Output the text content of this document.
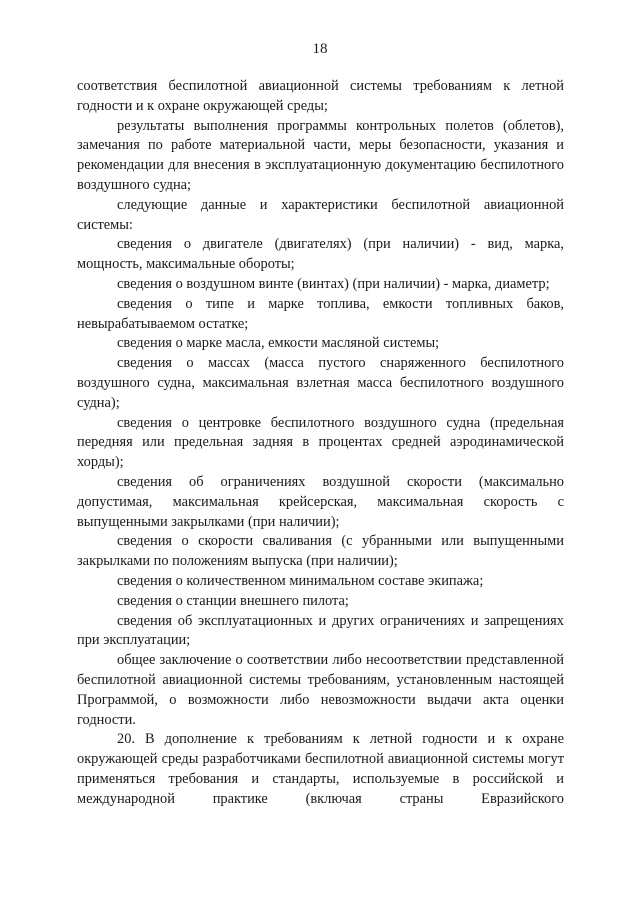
18

соответствия беспилотной авиационной системы требованиям к летной годности и к охране окружающей среды;

результаты выполнения программы контрольных полетов (облетов), замечания по работе материальной части, меры безопасности, указания и рекомендации для внесения в эксплуатационную документацию беспилотного воздушного судна;

следующие данные и характеристики беспилотной авиационной системы:

сведения о двигателе (двигателях) (при наличии) - вид, марка, мощность, максимальные обороты;

сведения о воздушном винте (винтах) (при наличии) - марка, диаметр;

сведения о типе и марке топлива, емкости топливных баков, невырабатываемом остатке;

сведения о марке масла, емкости масляной системы;

сведения о массах (масса пустого снаряженного беспилотного воздушного судна, максимальная взлетная масса беспилотного воздушного судна);

сведения о центровке беспилотного воздушного судна (предельная передняя или предельная задняя в процентах средней аэродинамической хорды);

сведения об ограничениях воздушной скорости (максимально допустимая, максимальная крейсерская, максимальная скорость с выпущенными закрылками (при наличии);

сведения о скорости сваливания (с убранными или выпущенными закрылками по положениям выпуска (при наличии);

сведения о количественном минимальном составе экипажа;

сведения о станции внешнего пилота;

сведения об эксплуатационных и других ограничениях и запрещениях при эксплуатации;

общее заключение о соответствии либо несоответствии представленной беспилотной авиационной системы требованиям, установленным настоящей Программой, о возможности либо невозможности выдачи акта оценки годности.

20. В дополнение к требованиям к летной годности и к охране окружающей среды разработчиками беспилотной авиационной системы могут применяться требования и стандарты, используемые в российской и международной практике (включая страны Евразийского
